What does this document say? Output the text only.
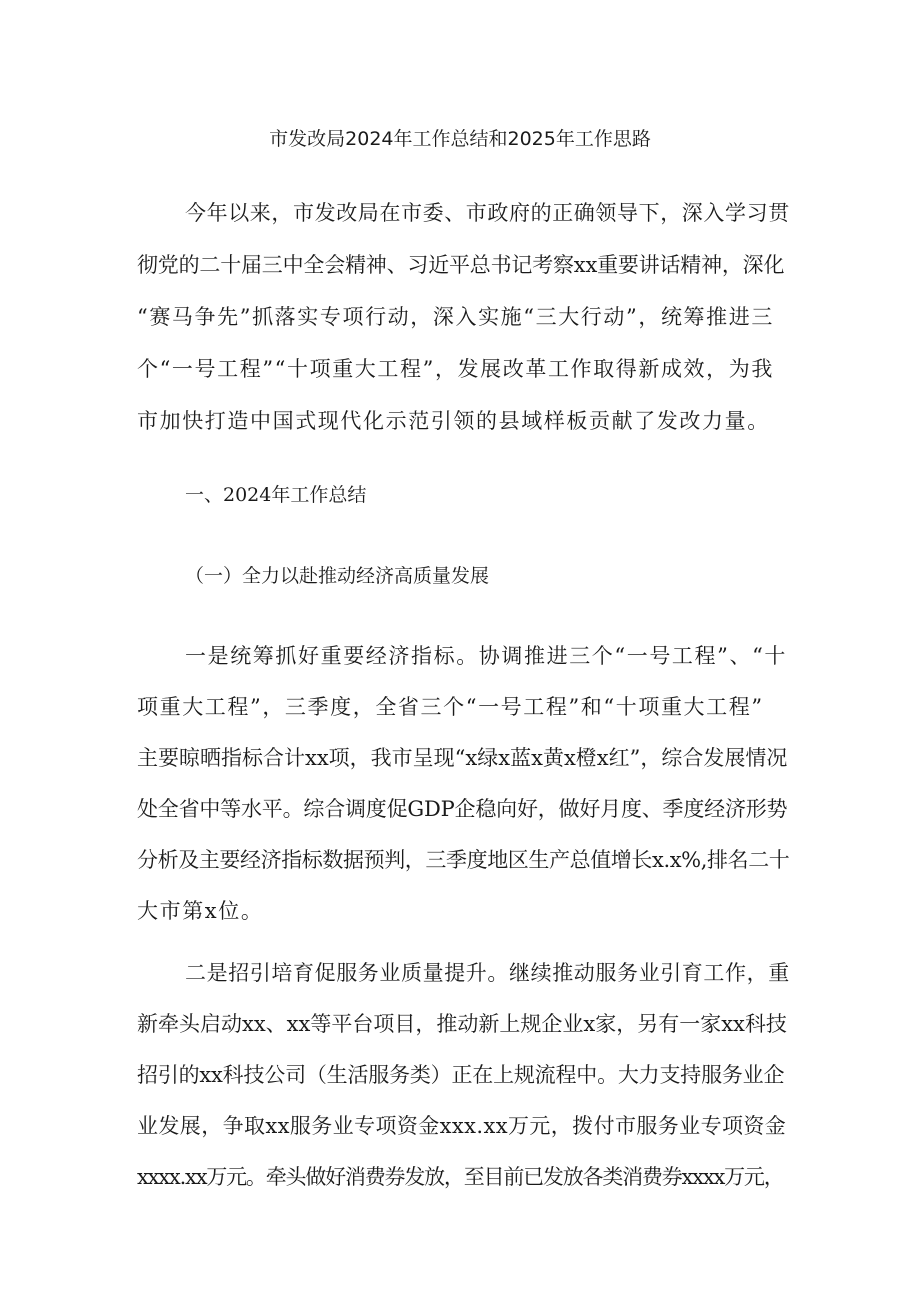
市发改局2024年工作总结和2025年工作思路
今年以来，市发改局在市委、市政府的正确领导下，深入学习贯
彻党的二十届三中全会精神、习近平总书记考察xx重要讲话精神，深化
“赛马争先”抓落实专项行动，深入实施“三大行动”，统筹推进三
个“一号工程”“十项重大工程”，发展改革工作取得新成效，为我
市加快打造中国式现代化示范引领的县域样板贡献了发改力量。
一、2024年工作总结
（一）全力以赴推动经济高质量发展
一是统筹抓好重要经济指标。协调推进三个“一号工程”、“十
项重大工程”，三季度，全省三个“一号工程”和“十项重大工程”
主要晾晒指标合计xx项，我市呈现“x绿x蓝x黄x橙x红”，综合发展情况
处全省中等水平。综合调度促GDP企稳向好，做好月度、季度经济形势
分析及主要经济指标数据预判，三季度地区生产总值增长x.x%,排名二十
大市第x位。
二是招引培育促服务业质量提升。继续推动服务业引育工作，重
新牵头启动xx、xx等平台项目，推动新上规企业x家，另有一家xx科技
招引的xx科技公司（生活服务类）正在上规流程中。大力支持服务业企
业发展，争取xx服务业专项资金xxx.xx万元，拨付市服务业专项资金
xxxx.xx万元。牵头做好消费券发放，至目前已发放各类消费券xxxx万元，
